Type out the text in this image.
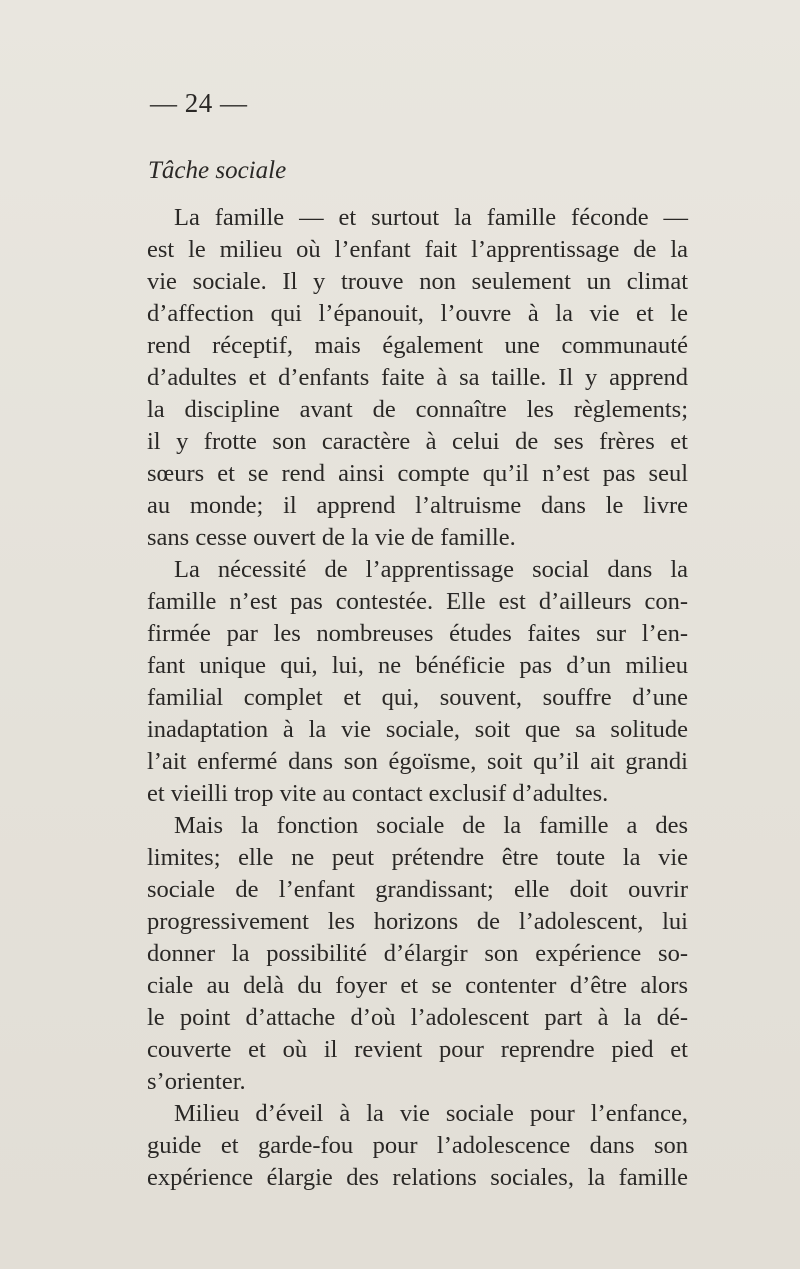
— 24 —
Tâche sociale
La famille — et surtout la famille féconde —
est le milieu où l’enfant fait l’apprentissage de la
vie sociale. Il y trouve non seulement un climat
d’affection qui l’épanouit, l’ouvre à la vie et le
rend réceptif, mais également une communauté
d’adultes et d’enfants faite à sa taille. Il y apprend
la discipline avant de connaître les règlements;
il y frotte son caractère à celui de ses frères et
sœurs et se rend ainsi compte qu’il n’est pas seul
au monde; il apprend l’altruisme dans le livre
sans cesse ouvert de la vie de famille.
La nécessité de l’apprentissage social dans la
famille n’est pas contestée. Elle est d’ailleurs con-
firmée par les nombreuses études faites sur l’en-
fant unique qui, lui, ne bénéficie pas d’un milieu
familial complet et qui, souvent, souffre d’une
inadaptation à la vie sociale, soit que sa solitude
l’ait enfermé dans son égoïsme, soit qu’il ait grandi
et vieilli trop vite au contact exclusif d’adultes.
Mais la fonction sociale de la famille a des
limites; elle ne peut prétendre être toute la vie
sociale de l’enfant grandissant; elle doit ouvrir
progressivement les horizons de l’adolescent, lui
donner la possibilité d’élargir son expérience so-
ciale au delà du foyer et se contenter d’être alors
le point d’attache d’où l’adolescent part à la dé-
couverte et où il revient pour reprendre pied et
s’orienter.
Milieu d’éveil à la vie sociale pour l’enfance,
guide et garde-fou pour l’adolescence dans son
expérience élargie des relations sociales, la famille
